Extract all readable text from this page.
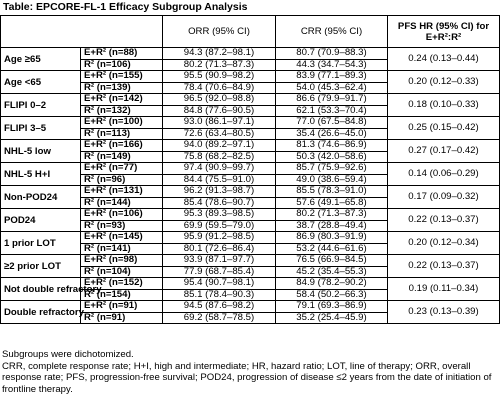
Table: EPCORE-FL-1 Efficacy Subgroup Analysis
		ORR (95% CI)	CRR (95% CI)	PFS HR (95% CI) for E+R²:R²
Age ≥65	E+R² (n=88)	94.3 (87.2–98.1)	80.7 (70.9–88.3)	0.24 (0.13–0.44)
	R² (n=106)	80.2 (71.3–87.3)	44.3 (34.7–54.3)	
Age <65	E+R² (n=155)	95.5 (90.9–98.2)	83.9 (77.1–89.3)	0.20 (0.12–0.33)
	R² (n=139)	78.4 (70.6–84.9)	54.0 (45.3–62.4)	
FLIPI 0–2	E+R² (n=142)	96.5 (92.0–98.8)	86.6 (79.9–91.7)	0.18 (0.10–0.33)
	R² (n=132)	84.8 (77.6–90.5)	62.1 (53.3–70.4)	
FLIPI 3–5	E+R² (n=100)	93.0 (86.1–97.1)	77.0 (67.5–84.8)	0.25 (0.15–0.42)
	R² (n=113)	72.6 (63.4–80.5)	35.4 (26.6–45.0)	
NHL-5 low	E+R² (n=166)	94.0 (89.2–97.1)	81.3 (74.6–86.9)	0.27 (0.17–0.42)
	R² (n=149)	75.8 (68.2–82.5)	50.3 (42.0–58.6)	
NHL-5 H+I	E+R² (n=77)	97.4 (90.9–99.7)	85.7 (75.9–92.6)	0.14 (0.06–0.29)
	R² (n=96)	84.4 (75.5–91.0)	49.0 (38.6–59.4)	
Non-POD24	E+R² (n=131)	96.2 (91.3–98.7)	85.5 (78.3–91.0)	0.17 (0.09–0.32)
	R² (n=144)	85.4 (78.6–90.7)	57.6 (49.1–65.8)	
POD24	E+R² (n=106)	95.3 (89.3–98.5)	80.2 (71.3–87.3)	0.22 (0.13–0.37)
	R² (n=93)	69.9 (59.5–79.0)	38.7 (28.8–49.4)	
1 prior LOT	E+R² (n=145)	95.9 (91.2–98.5)	86.9 (80.3–91.9)	0.20 (0.12–0.34)
	R² (n=141)	80.1 (72.6–86.4)	53.2 (44.6–61.6)	
≥2 prior LOT	E+R² (n=98)	93.9 (87.1–97.7)	76.5 (66.9–84.5)	0.22 (0.13–0.37)
	R² (n=104)	77.9 (68.7–85.4)	45.2 (35.4–55.3)	
Not double refractory	E+R² (n=152)	95.4 (90.7–98.1)	84.9 (78.2–90.2)	0.19 (0.11–0.34)
	R² (n=154)	85.1 (78.4–90.3)	58.4 (50.2–66.3)	
Double refractory	E+R² (n=91)	94.5 (87.6–98.2)	79.1 (69.3–86.9)	0.23 (0.13–0.39)
	R² (n=91)	69.2 (58.7–78.5)	35.2 (25.4–45.9)	
Subgroups were dichotomized.
CRR, complete response rate; H+I, high and intermediate; HR, hazard ratio; LOT, line of therapy; ORR, overall response rate; PFS, progression-free survival; POD24, progression of disease ≤2 years from the date of initiation of frontline therapy.
